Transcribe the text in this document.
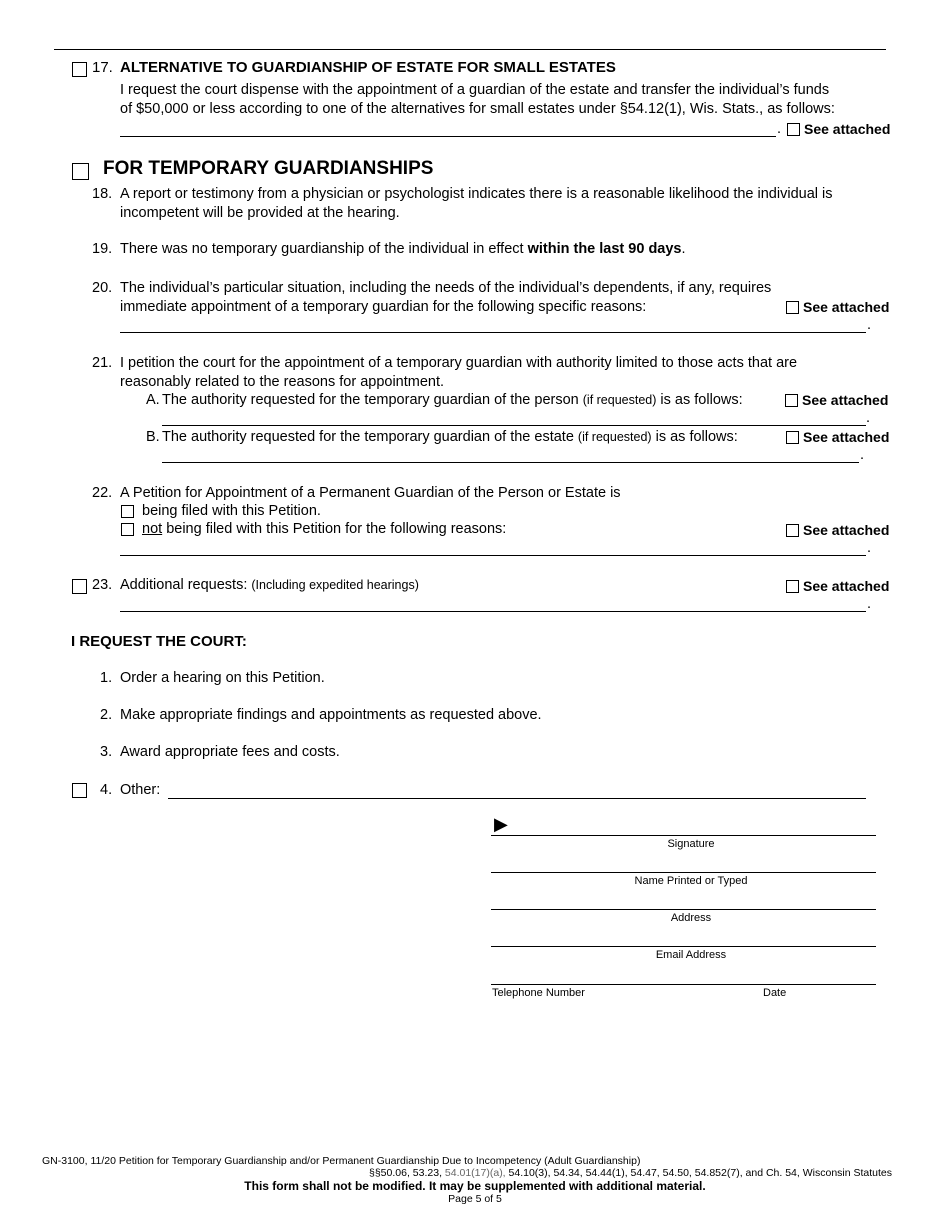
17. ALTERNATIVE TO GUARDIANSHIP OF ESTATE FOR SMALL ESTATES
I request the court dispense with the appointment of a guardian of the estate and transfer the individual’s funds
of $50,000 or less according to one of the alternatives for small estates under §54.12(1), Wis. Stats., as follows:
.	See attached
FOR TEMPORARY GUARDIANSHIPS
18. A report or testimony from a physician or psychologist indicates there is a reasonable likelihood the individual is
incompetent will be provided at the hearing.
19. There was no temporary guardianship of the individual in effect within the last 90 days.
20. The individual’s particular situation, including the needs of the individual’s dependents, if any, requires
immediate appointment of a temporary guardian for the following specific reasons:	See attached
.
21. I petition the court for the appointment of a temporary guardian with authority limited to those acts that are
reasonably related to the reasons for appointment.
A. The authority requested for the temporary guardian of the person (if requested) is as follows:	See attached
.
B. The authority requested for the temporary guardian of the estate (if requested) is as follows:	See attached
.
22. A Petition for Appointment of a Permanent Guardian of the Person or Estate is
being filed with this Petition.
not being filed with this Petition for the following reasons:	See attached
.
23. Additional requests: (Including expedited hearings)	See attached
.
I REQUEST THE COURT:
1. Order a hearing on this Petition.
2. Make appropriate findings and appointments as requested above.
3. Award appropriate fees and costs.
4. Other:
▶
Signature
Name Printed or Typed
Address
Email Address
Telephone Number	Date
GN-3100, 11/20 Petition for Temporary Guardianship and/or Permanent Guardianship Due to Incompetency (Adult Guardianship)
§§50.06, 53.23, 54.01(17)(a), 54.10(3), 54.34, 54.44(1), 54.47, 54.50, 54.852(7), and Ch. 54, Wisconsin Statutes
This form shall not be modified. It may be supplemented with additional material.
Page 5 of 5
